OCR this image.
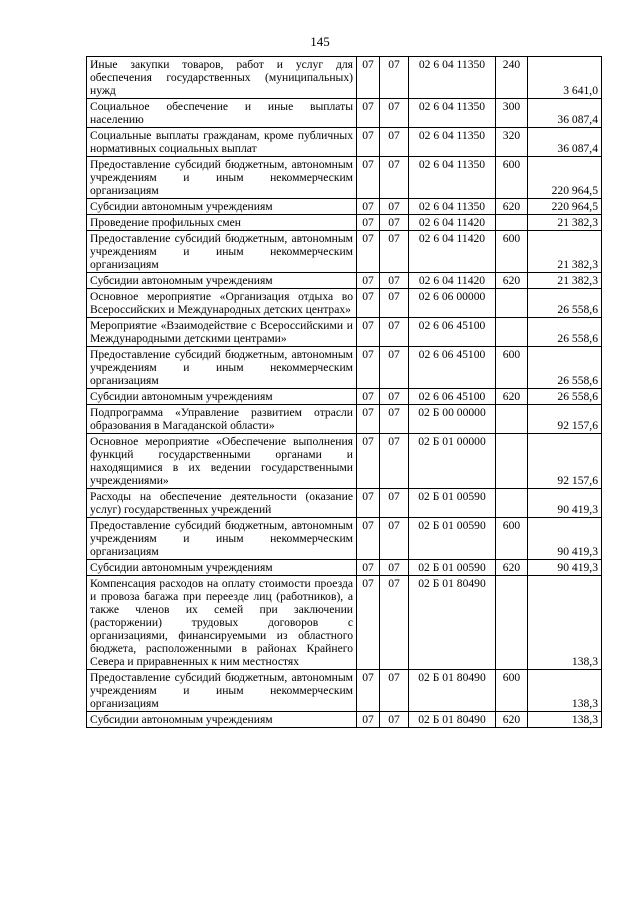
145
Иные закупки товаров, работ и услуг для обеспечения государственных (муниципальных) нужд	07	07	02 6 04 11350	240	3 641,0
Социальное обеспечение и иные выплаты населению	07	07	02 6 04 11350	300	36 087,4
Социальные выплаты гражданам, кроме публичных нормативных социальных выплат	07	07	02 6 04 11350	320	36 087,4
Предоставление субсидий бюджетным, автономным учреждениям и иным некоммерческим организациям	07	07	02 6 04 11350	600	220 964,5
Субсидии автономным учреждениям	07	07	02 6 04 11350	620	220 964,5
Проведение профильных смен	07	07	02 6 04 11420		21 382,3
Предоставление субсидий бюджетным, автономным учреждениям и иным некоммерческим организациям	07	07	02 6 04 11420	600	21 382,3
Субсидии автономным учреждениям	07	07	02 6 04 11420	620	21 382,3
Основное мероприятие «Организация отдыха во Всероссийских и Международных детских центрах»	07	07	02 6 06 00000		26 558,6
Мероприятие «Взаимодействие с Всероссийскими и Международными детскими центрами»	07	07	02 6 06 45100		26 558,6
Предоставление субсидий бюджетным, автономным учреждениям и иным некоммерческим организациям	07	07	02 6 06 45100	600	26 558,6
Субсидии автономным учреждениям	07	07	02 6 06 45100	620	26 558,6
Подпрограмма «Управление развитием отрасли образования в Магаданской области»	07	07	02 Б 00 00000		92 157,6
Основное мероприятие «Обеспечение выполнения функций государственными органами и находящимися в их ведении государственными учреждениями»	07	07	02 Б 01 00000		92 157,6
Расходы на обеспечение деятельности (оказание услуг) государственных учреждений	07	07	02 Б 01 00590		90 419,3
Предоставление субсидий бюджетным, автономным учреждениям и иным некоммерческим организациям	07	07	02 Б 01 00590	600	90 419,3
Субсидии автономным учреждениям	07	07	02 Б 01 00590	620	90 419,3
Компенсация расходов на оплату стоимости проезда и провоза багажа при переезде лиц (работников), а также членов их семей при заключении (расторжении) трудовых договоров с организациями, финансируемыми из областного бюджета, расположенными в районах Крайнего Севера и приравненных к ним местностях	07	07	02 Б 01 80490		138,3
Предоставление субсидий бюджетным, автономным учреждениям и иным некоммерческим организациям	07	07	02 Б 01 80490	600	138,3
Субсидии автономным учреждениям	07	07	02 Б 01 80490	620	138,3
